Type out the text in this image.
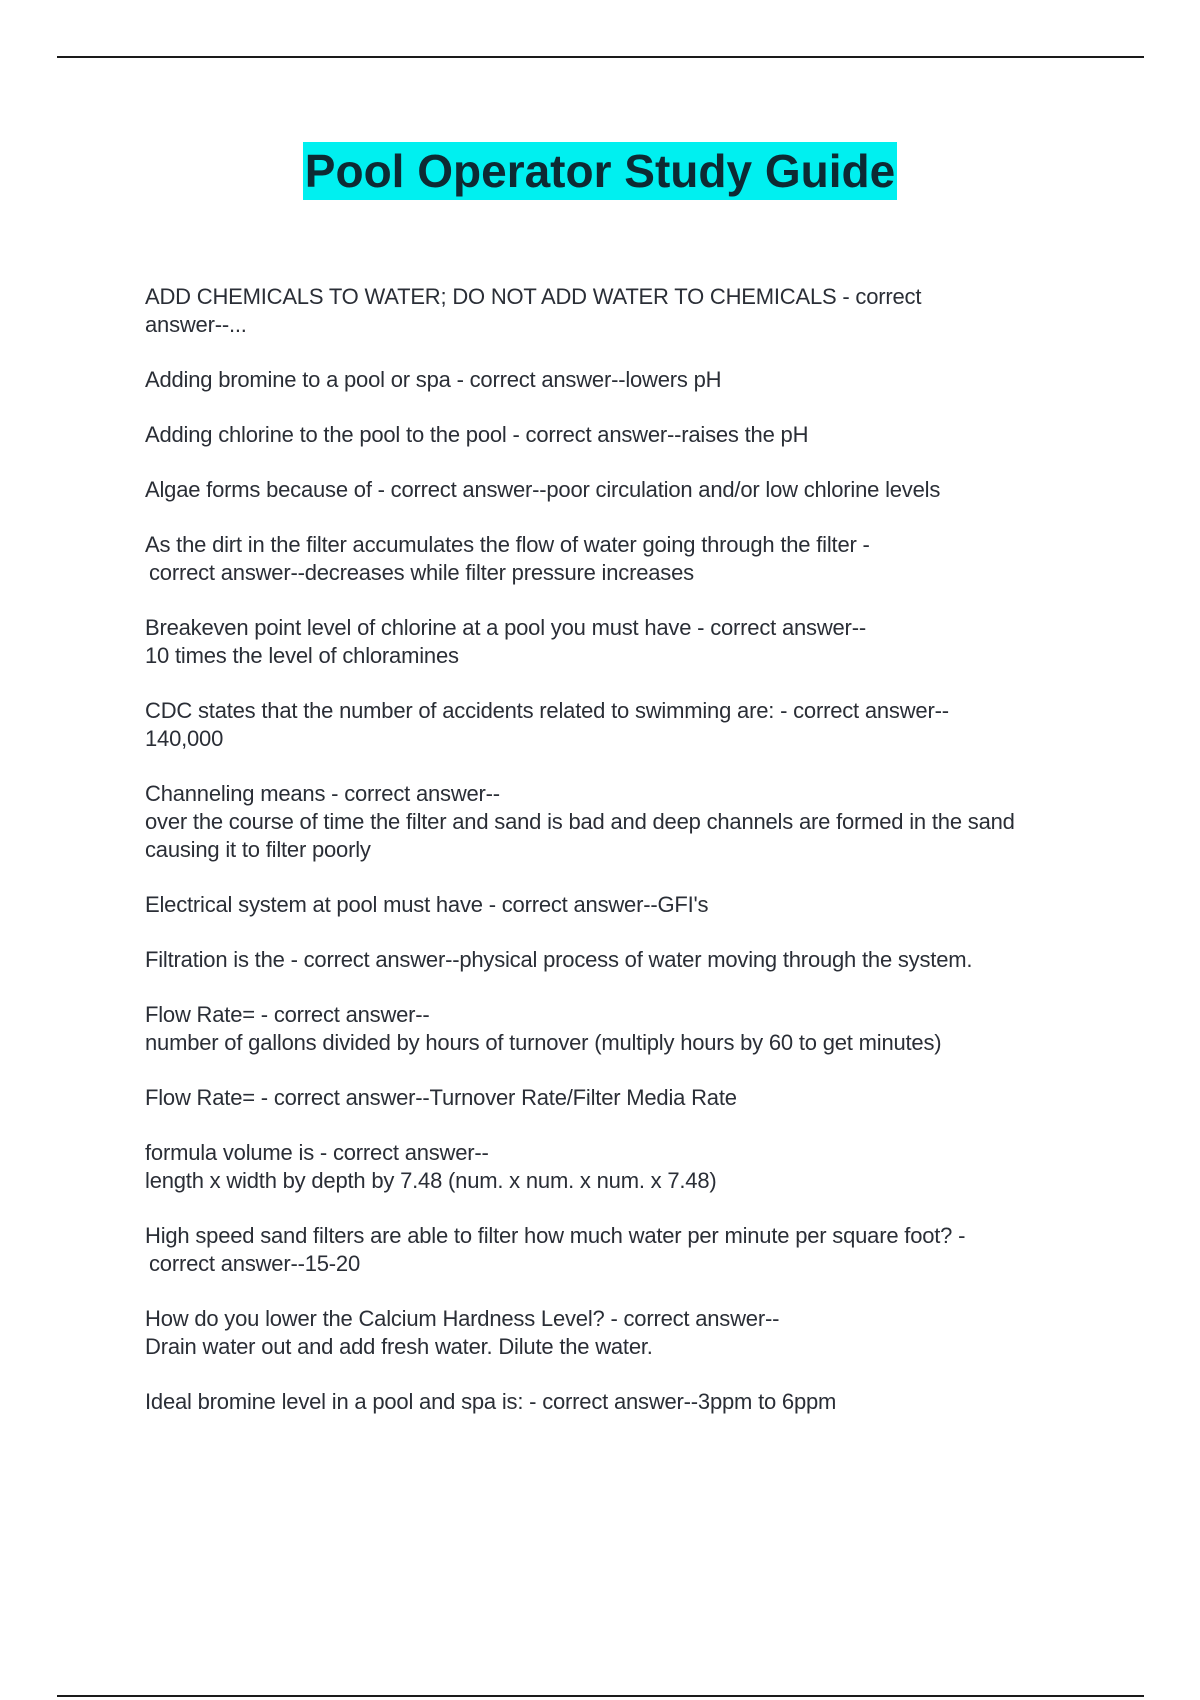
Pool Operator Study Guide
ADD CHEMICALS TO WATER; DO NOT ADD WATER TO CHEMICALS - correct
answer--...
Adding bromine to a pool or spa - correct answer--lowers pH
Adding chlorine to the pool to the pool - correct answer--raises the pH
Algae forms because of - correct answer--poor circulation and/or low chlorine levels
As the dirt in the filter accumulates the flow of water going through the filter -
correct answer--decreases while filter pressure increases
Breakeven point level of chlorine at a pool you must have - correct answer--
10 times the level of chloramines
CDC states that the number of accidents related to swimming are: - correct answer--
140,000
Channeling means - correct answer--
over the course of time the filter and sand is bad and deep channels are formed in the sand
causing it to filter poorly
Electrical system at pool must have - correct answer--GFI's
Filtration is the - correct answer--physical process of water moving through the system.
Flow Rate= - correct answer--
number of gallons divided by hours of turnover (multiply hours by 60 to get minutes)
Flow Rate= - correct answer--Turnover Rate/Filter Media Rate
formula volume is - correct answer--
length x width by depth by 7.48 (num. x num. x num. x 7.48)
High speed sand filters are able to filter how much water per minute per square foot? -
correct answer--15-20
How do you lower the Calcium Hardness Level? - correct answer--
Drain water out and add fresh water. Dilute the water.
Ideal bromine level in a pool and spa is: - correct answer--3ppm to 6ppm
